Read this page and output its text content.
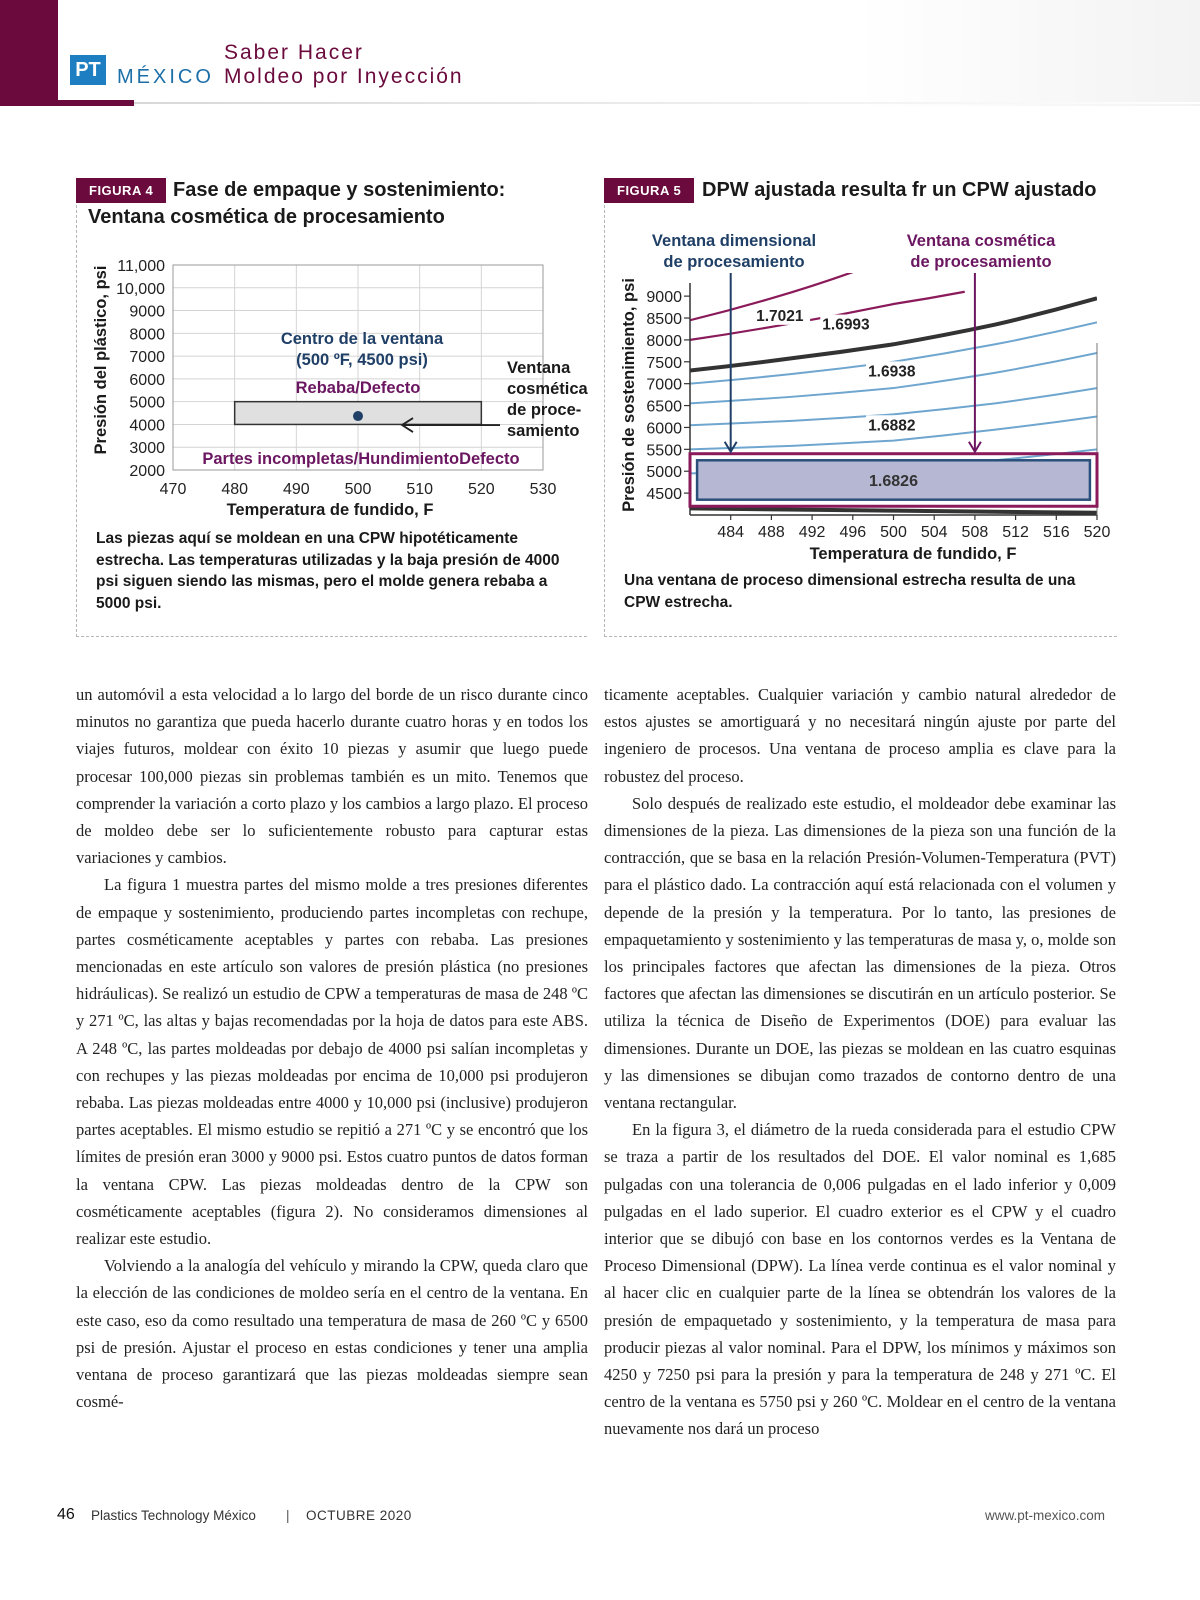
PT MÉXICO
Saber Hacer
Moldeo por Inyección
FIGURA 4 Fase de empaque y sostenimiento:
Ventana cosmética de procesamiento
11,000
10,000
9000
8000
7000
6000
5000
4000
3000
2000
470 480 490 500 510 520 530
Centro de la ventana
(500 ºF, 4500 psi)
Rebaba/Defecto
Partes incompletas/HundimientoDefecto
Ventana
cosmética
de proce-
samiento
Temperatura de fundido, F
Presión del plástico, psi
Las piezas aquí se moldean en una CPW hipotéticamente estrecha. Las temperaturas utilizadas y la baja presión de 4000 psi siguen siendo las mismas, pero el molde genera rebaba a 5000 psi.
FIGURA 5	DPW ajustada resulta fr un CPW ajustado
Ventana dimensional
de procesamiento
Ventana cosmética
de procesamiento
9000
8500
8000
7500
7000
6500
6000
5500
5000
4500
484 488 492 496 500 504 508 512 516 520
1.6826
1.7021
1.6993
1.6938
1.6882
Temperatura de fundido, F
Presión de sostenimiento, psi
Una ventana de proceso dimensional estrecha resulta de una CPW estrecha.

un automóvil a esta velocidad a lo largo del borde de un risco durante cinco minutos no garantiza que pueda hacerlo durante cuatro horas y en todos los viajes futuros, moldear con éxito 10 piezas y asumir que luego puede procesar 100,000 piezas sin problemas también es un mito. Tenemos que comprender la variación a corto plazo y los cambios a largo plazo. El proceso de moldeo debe ser lo suficientemente robusto para capturar estas variaciones y cambios.

La figura 1 muestra partes del mismo molde a tres presiones diferentes de empaque y sostenimiento, produciendo partes incompletas con rechupe, partes cosméticamente aceptables y partes con rebaba. Las presiones mencionadas en este artículo son valores de presión plástica (no presiones hidráulicas). Se realizó un estudio de CPW a temperaturas de masa de 248 ºC y 271 ºC, las altas y bajas recomendadas por la hoja de datos para este ABS. A 248 ºC, las partes moldeadas por debajo de 4000 psi salían incompletas y con rechupes y las piezas moldeadas por encima de 10,000 psi produjeron rebaba. Las piezas moldeadas entre 4000 y 10,000 psi (inclusive) produjeron partes aceptables. El mismo estudio se repitió a 271 ºC y se encontró que los límites de presión eran 3000 y 9000 psi. Estos cuatro puntos de datos forman la ventana CPW. Las piezas moldeadas dentro de la CPW son cosméticamente aceptables (figura 2). No consideramos dimensiones al realizar este estudio.

Volviendo a la analogía del vehículo y mirando la CPW, queda claro que la elección de las condiciones de moldeo sería en el centro de la ventana. En este caso, eso da como resultado una temperatura de masa de 260 ºC y 6500 psi de presión. Ajustar el proceso en estas condiciones y tener una amplia ventana de proceso garantizará que las piezas moldeadas siempre sean cosmé-

ticamente aceptables. Cualquier variación y cambio natural alrededor de estos ajustes se amortiguará y no necesitará ningún ajuste por parte del ingeniero de procesos. Una ventana de proceso amplia es clave para la robustez del proceso.

Solo después de realizado este estudio, el moldeador debe examinar las dimensiones de la pieza. Las dimensiones de la pieza son una función de la contracción, que se basa en la relación Presión-Volumen-Temperatura (PVT) para el plástico dado. La contracción aquí está relacionada con el volumen y depende de la presión y la temperatura. Por lo tanto, las presiones de empaquetamiento y sostenimiento y las temperaturas de masa y, o, molde son los principales factores que afectan las dimensiones de la pieza. Otros factores que afectan las dimensiones se discutirán en un artículo posterior. Se utiliza la técnica de Diseño de Experimentos (DOE) para evaluar las dimensiones. Durante un DOE, las piezas se moldean en las cuatro esquinas y las dimensiones se dibujan como trazados de contorno dentro de una ventana rectangular.

En la figura 3, el diámetro de la rueda considerada para el estudio CPW se traza a partir de los resultados del DOE. El valor nominal es 1,685 pulgadas con una tolerancia de 0,006 pulgadas en el lado inferior y 0,009 pulgadas en el lado superior. El cuadro exterior es el CPW y el cuadro interior que se dibujó con base en los contornos verdes es la Ventana de Proceso Dimensional (DPW). La línea verde continua es el valor nominal y al hacer clic en cualquier parte de la línea se obtendrán los valores de la presión de empaquetado y sostenimiento, y la temperatura de masa para producir piezas al valor nominal. Para el DPW, los mínimos y máximos son 4250 y 7250 psi para la presión y para la temperatura de 248 y 271 ºC. El centro de la ventana es 5750 psi y 260 ºC. Moldear en el centro de la ventana nuevamente nos dará un proceso

46 Plastics Technology México | OCTUBRE 2020	www.pt-mexico.com
